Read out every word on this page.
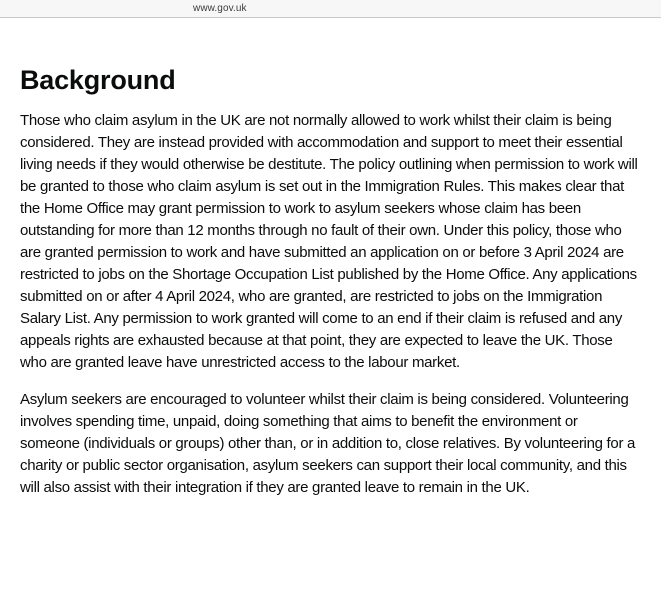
www.gov.uk
Background

Those who claim asylum in the UK are not normally allowed to work whilst their claim is being considered. They are instead provided with accommodation and support to meet their essential living needs if they would otherwise be destitute. The policy outlining when permission to work will be granted to those who claim asylum is set out in the Immigration Rules. This makes clear that the Home Office may grant permission to work to asylum seekers whose claim has been outstanding for more than 12 months through no fault of their own. Under this policy, those who are granted permission to work and have submitted an application on or before 3 April 2024 are restricted to jobs on the Shortage Occupation List published by the Home Office. Any applications submitted on or after 4 April 2024, who are granted, are restricted to jobs on the Immigration Salary List. Any permission to work granted will come to an end if their claim is refused and any appeals rights are exhausted because at that point, they are expected to leave the UK. Those who are granted leave have unrestricted access to the labour market.

Asylum seekers are encouraged to volunteer whilst their claim is being considered. Volunteering involves spending time, unpaid, doing something that aims to benefit the environment or someone (individuals or groups) other than, or in addition to, close relatives. By volunteering for a charity or public sector organisation, asylum seekers can support their local community, and this will also assist with their integration if they are granted leave to remain in the UK.
